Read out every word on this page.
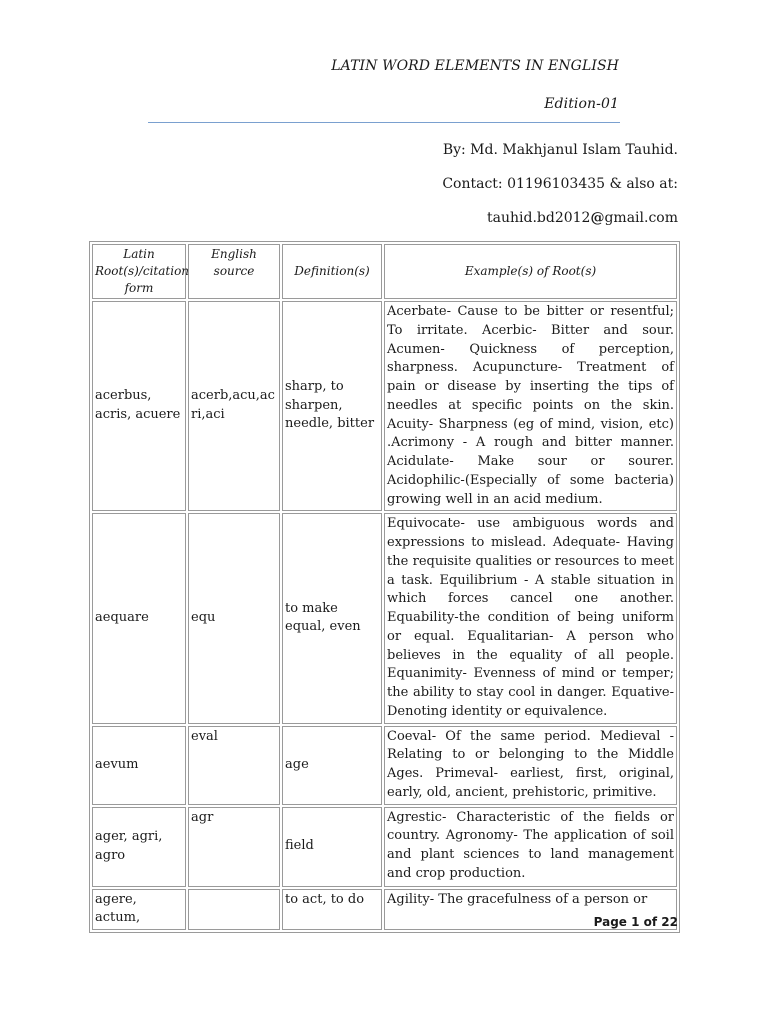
LATIN WORD ELEMENTS IN ENGLISH
Edition-01
By: Md. Makhjanul Islam Tauhid.
Contact: 01196103435 & also at:
tauhid.bd2012@gmail.com
Latin Root(s)/citation form	English source	Definition(s)	Example(s) of Root(s)
acerbus, acris, acuere	acerb,acu,acri,aci	sharp, to sharpen, needle, bitter	Acerbate- Cause to be bitter or resentful; To irritate. Acerbic- Bitter and sour. Acumen- Quickness of perception, sharpness. Acupuncture- Treatment of pain or disease by inserting the tips of needles at specific points on the skin. Acuity- Sharpness (eg of mind, vision, etc) .Acrimony - A rough and bitter manner. Acidulate- Make sour or sourer. Acidophilic-(Especially of some bacteria) growing well in an acid medium.
aequare	equ	to make equal, even	Equivocate- use ambiguous words and expressions to mislead. Adequate- Having the requisite qualities or resources to meet a task. Equilibrium - A stable situation in which forces cancel one another. Equability-the condition of being uniform or equal. Equalitarian- A person who believes in the equality of all people. Equanimity- Evenness of mind or temper; the ability to stay cool in danger. Equative- Denoting identity or equivalence.
aevum	eval	age	Coeval- Of the same period. Medieval - Relating to or belonging to the Middle Ages. Primeval- earliest, first, original, early, old, ancient, prehistoric, primitive.
ager, agri, agro	agr	field	Agrestic- Characteristic of the fields or country. Agronomy- The application of soil and plant sciences to land management and crop production.
agere, actum,		to act, to do	Agility- The gracefulness of a person or
Page 1 of 22
